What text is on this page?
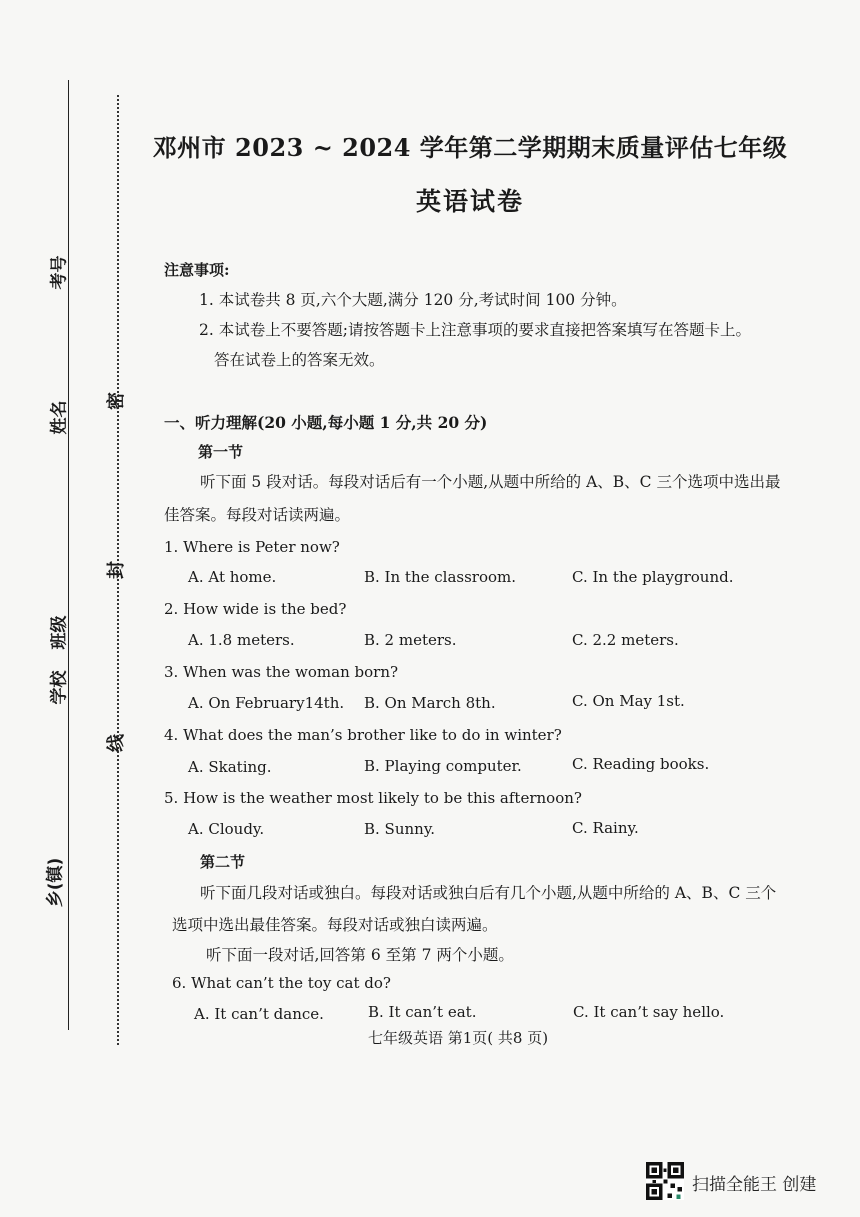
考号
姓名
班级
学校
乡(镇)
密
封
线
邓州市 2023 ~ 2024 学年第二学期期末质量评估七年级
英语试卷
注意事项:
1. 本试卷共 8 页,六个大题,满分 120 分,考试时间 100 分钟。
2. 本试卷上不要答题;请按答题卡上注意事项的要求直接把答案填写在答题卡上。
答在试卷上的答案无效。
一、听力理解(20 小题,每小题 1 分,共 20 分)
第一节
听下面 5 段对话。每段对话后有一个小题,从题中所给的 A、B、C 三个选项中选出最
佳答案。每段对话读两遍。
1. Where is Peter now?
A. At home.	B. In the classroom.	C. In the playground.
2. How wide is the bed?
A. 1.8 meters.	B. 2 meters.	C. 2.2 meters.
3. When was the woman born?
A. On February14th. B. On March 8th.	C. On May 1st.
4. What does the man’s brother like to do in winter?
A. Skating.	B. Playing computer.	C. Reading books.
5. How is the weather most likely to be this afternoon?
A. Cloudy.	B. Sunny.	C. Rainy.
第二节
听下面几段对话或独白。每段对话或独白后有几个小题,从题中所给的 A、B、C 三个
选项中选出最佳答案。每段对话或独白读两遍。
听下面一段对话,回答第 6 至第 7 两个小题。
6. What can’t the toy cat do?
A. It can’t dance.	B. It can’t eat.	C. It can’t say hello.
七年级英语 第1页( 共8 页)
扫描全能王 创建
